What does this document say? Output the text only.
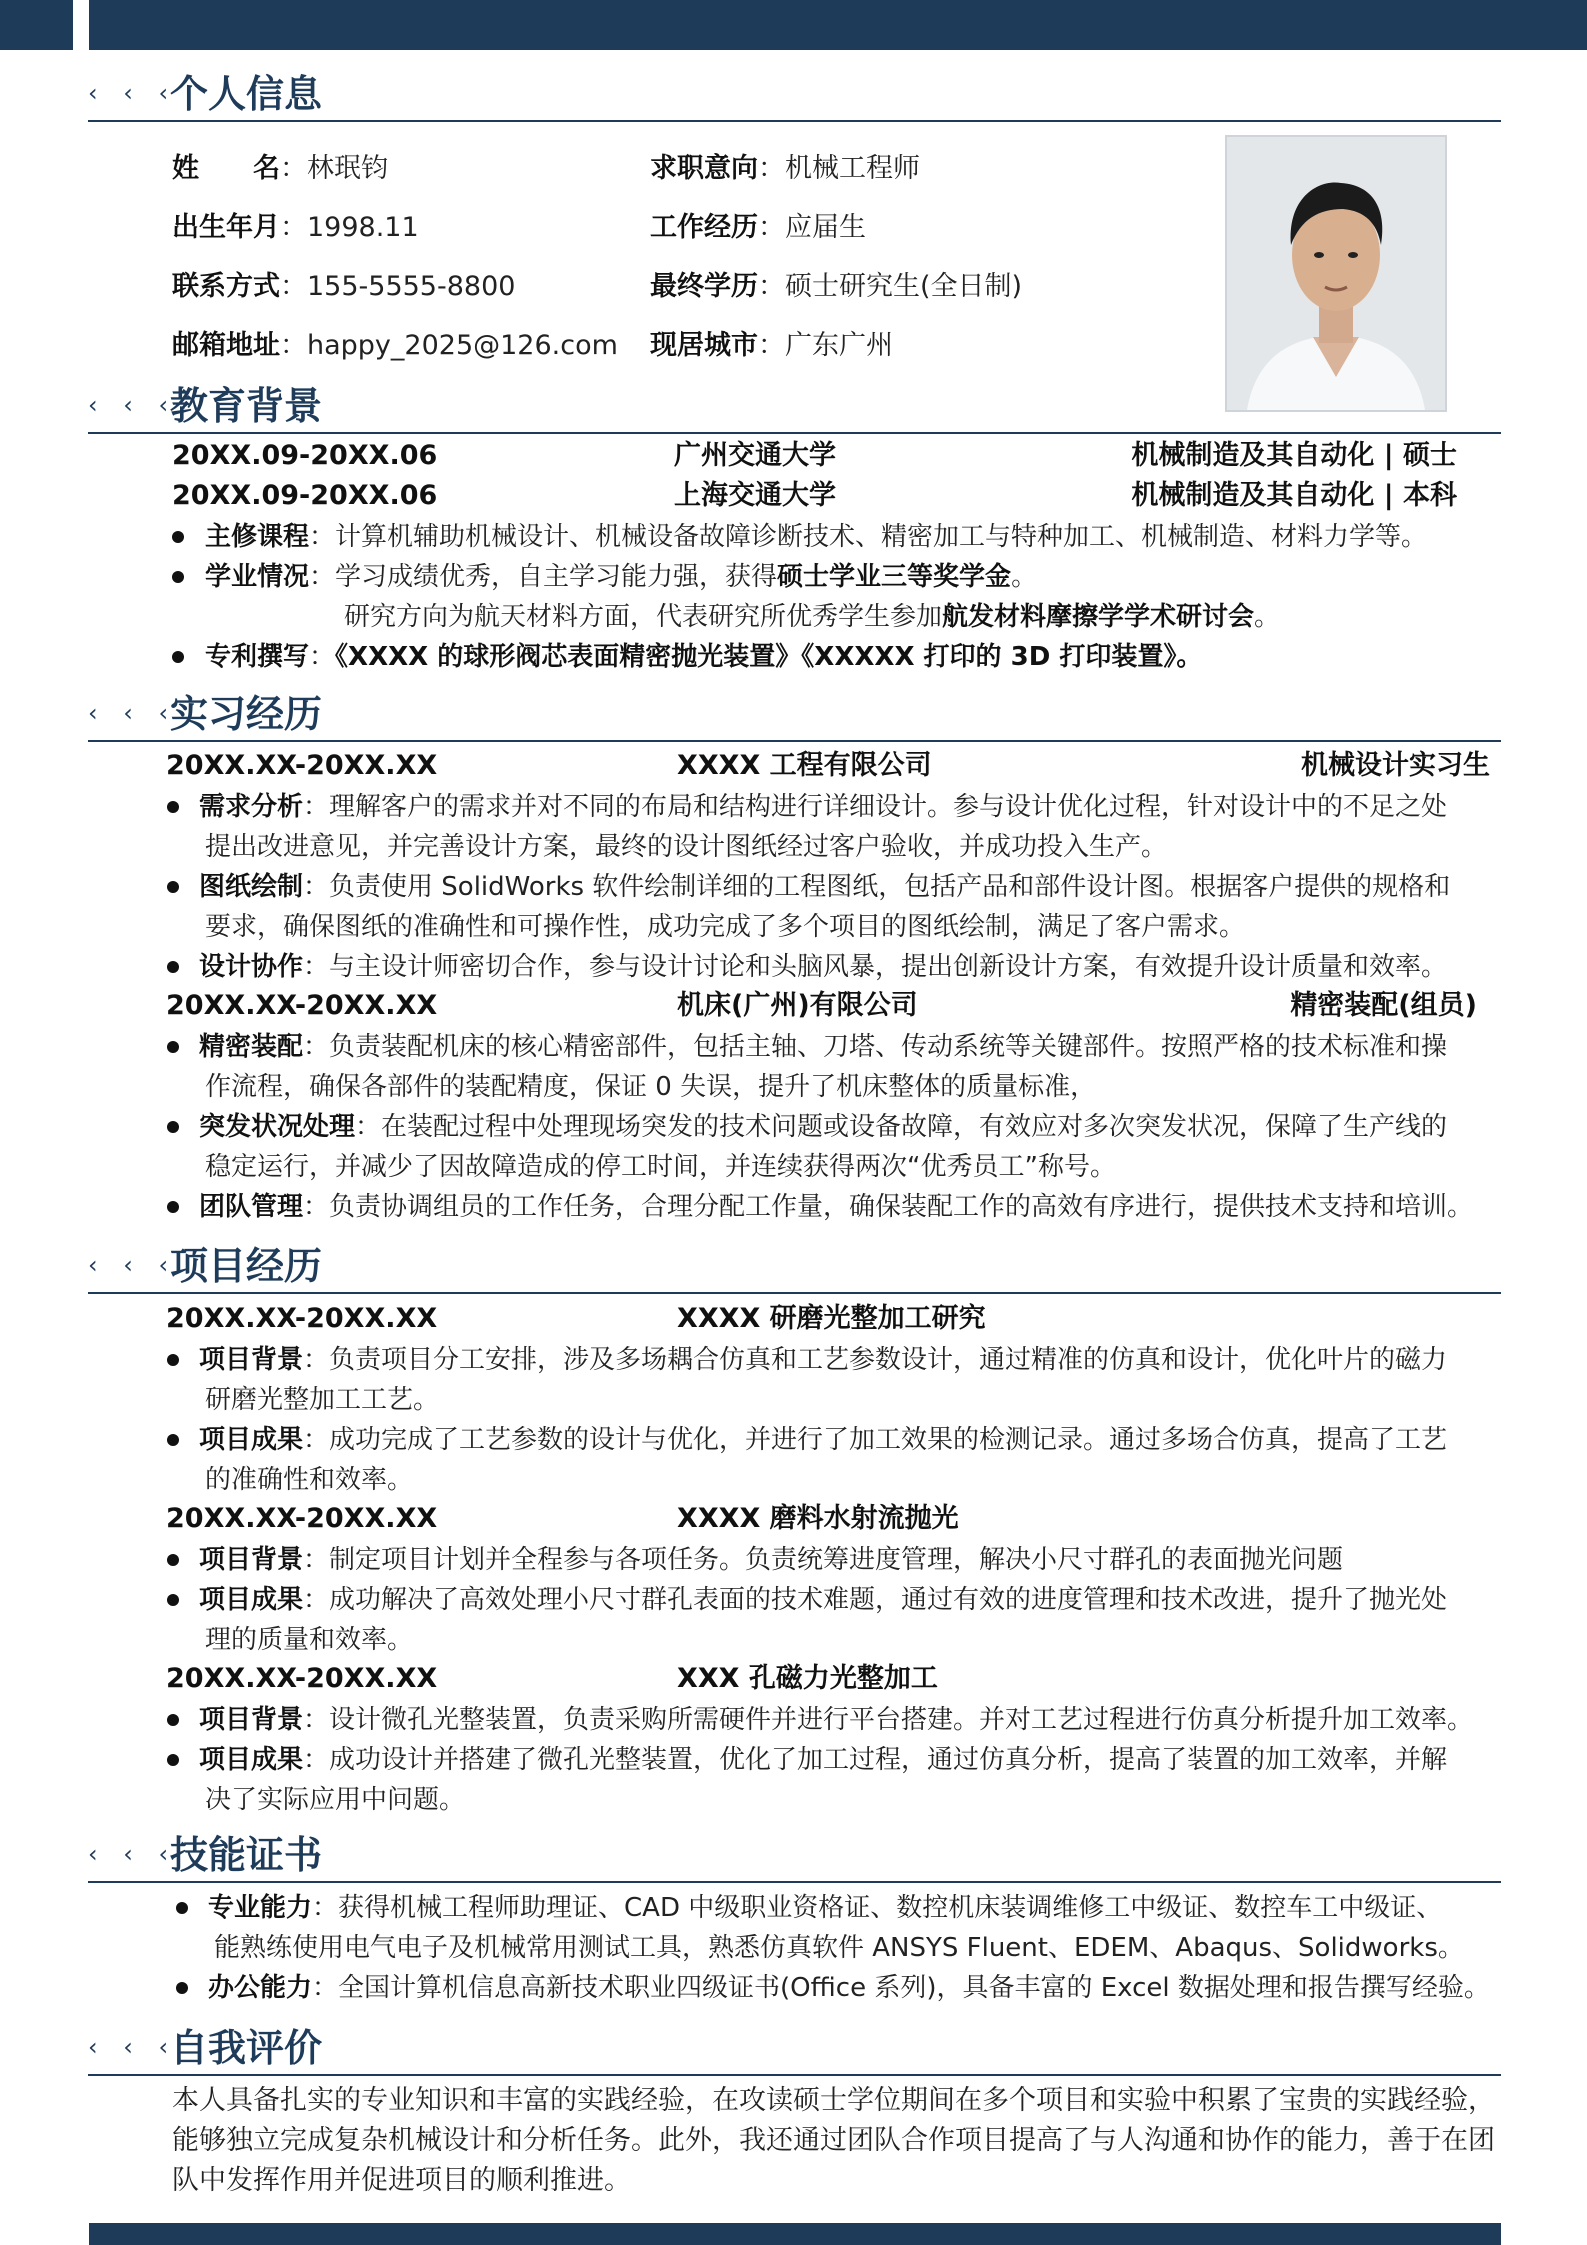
‹ ‹ ‹
个人信息
姓　　名：林珉钧
出生年月：1998.11
联系方式：155-5555-8800
邮箱地址：happy_2025@126.com
求职意向：机械工程师
工作经历：应届生
最终学历：硕士研究生(全日制)
现居城市：广东广州
‹ ‹ ‹
教育背景
20XX.09-20XX.06	广州交通大学	机械制造及其自动化 | 硕士
20XX.09-20XX.06	上海交通大学	机械制造及其自动化 | 本科
主修课程：计算机辅助机械设计、机械设备故障诊断技术、精密加工与特种加工、机械制造、材料力学等。
学业情况：学习成绩优秀，自主学习能力强，获得硕士学业三等奖学金。
研究方向为航天材料方面，代表研究所优秀学生参加航发材料摩擦学学术研讨会。
专利撰写：《XXXX 的球形阀芯表面精密抛光装置》《XXXXX 打印的 3D 打印装置》。
‹ ‹ ‹
实习经历
20XX.XX-20XX.XX	XXXX 工程有限公司	机械设计实习生
需求分析：理解客户的需求并对不同的布局和结构进行详细设计。参与设计优化过程，针对设计中的不足之处
提出改进意见，并完善设计方案，最终的设计图纸经过客户验收，并成功投入生产。
图纸绘制：负责使用 SolidWorks 软件绘制详细的工程图纸，包括产品和部件设计图。根据客户提供的规格和
要求，确保图纸的准确性和可操作性，成功完成了多个项目的图纸绘制，满足了客户需求。
设计协作：与主设计师密切合作，参与设计讨论和头脑风暴，提出创新设计方案，有效提升设计质量和效率。
20XX.XX-20XX.XX	机床(广州)有限公司	精密装配(组员)
精密装配：负责装配机床的核心精密部件，包括主轴、刀塔、传动系统等关键部件。按照严格的技术标准和操
作流程，确保各部件的装配精度，保证 0 失误，提升了机床整体的质量标准，
突发状况处理：在装配过程中处理现场突发的技术问题或设备故障，有效应对多次突发状况，保障了生产线的
稳定运行，并减少了因故障造成的停工时间，并连续获得两次“优秀员工”称号。
团队管理：负责协调组员的工作任务，合理分配工作量，确保装配工作的高效有序进行，提供技术支持和培训。
‹ ‹ ‹
项目经历
20XX.XX-20XX.XX	XXXX 研磨光整加工研究
项目背景：负责项目分工安排，涉及多场耦合仿真和工艺参数设计，通过精准的仿真和设计，优化叶片的磁力
研磨光整加工工艺。
项目成果：成功完成了工艺参数的设计与优化，并进行了加工效果的检测记录。通过多场合仿真，提高了工艺
的准确性和效率。
20XX.XX-20XX.XX	XXXX 磨料水射流抛光
项目背景：制定项目计划并全程参与各项任务。负责统筹进度管理，解决小尺寸群孔的表面抛光问题
项目成果：成功解决了高效处理小尺寸群孔表面的技术难题，通过有效的进度管理和技术改进，提升了抛光处
理的质量和效率。
20XX.XX-20XX.XX	XXX 孔磁力光整加工
项目背景：设计微孔光整装置，负责采购所需硬件并进行平台搭建。并对工艺过程进行仿真分析提升加工效率。
项目成果：成功设计并搭建了微孔光整装置，优化了加工过程，通过仿真分析，提高了装置的加工效率，并解
决了实际应用中问题。
‹ ‹ ‹
技能证书
专业能力：获得机械工程师助理证、CAD 中级职业资格证、数控机床装调维修工中级证、数控车工中级证、
能熟练使用电气电子及机械常用测试工具，熟悉仿真软件 ANSYS Fluent、EDEM、Abaqus、Solidworks。
办公能力：全国计算机信息高新技术职业四级证书(Office 系列)，具备丰富的 Excel 数据处理和报告撰写经验。
‹ ‹ ‹
自我评价
本人具备扎实的专业知识和丰富的实践经验，在攻读硕士学位期间在多个项目和实验中积累了宝贵的实践经验，
能够独立完成复杂机械设计和分析任务。此外，我还通过团队合作项目提高了与人沟通和协作的能力，善于在团
队中发挥作用并促进项目的顺利推进。
